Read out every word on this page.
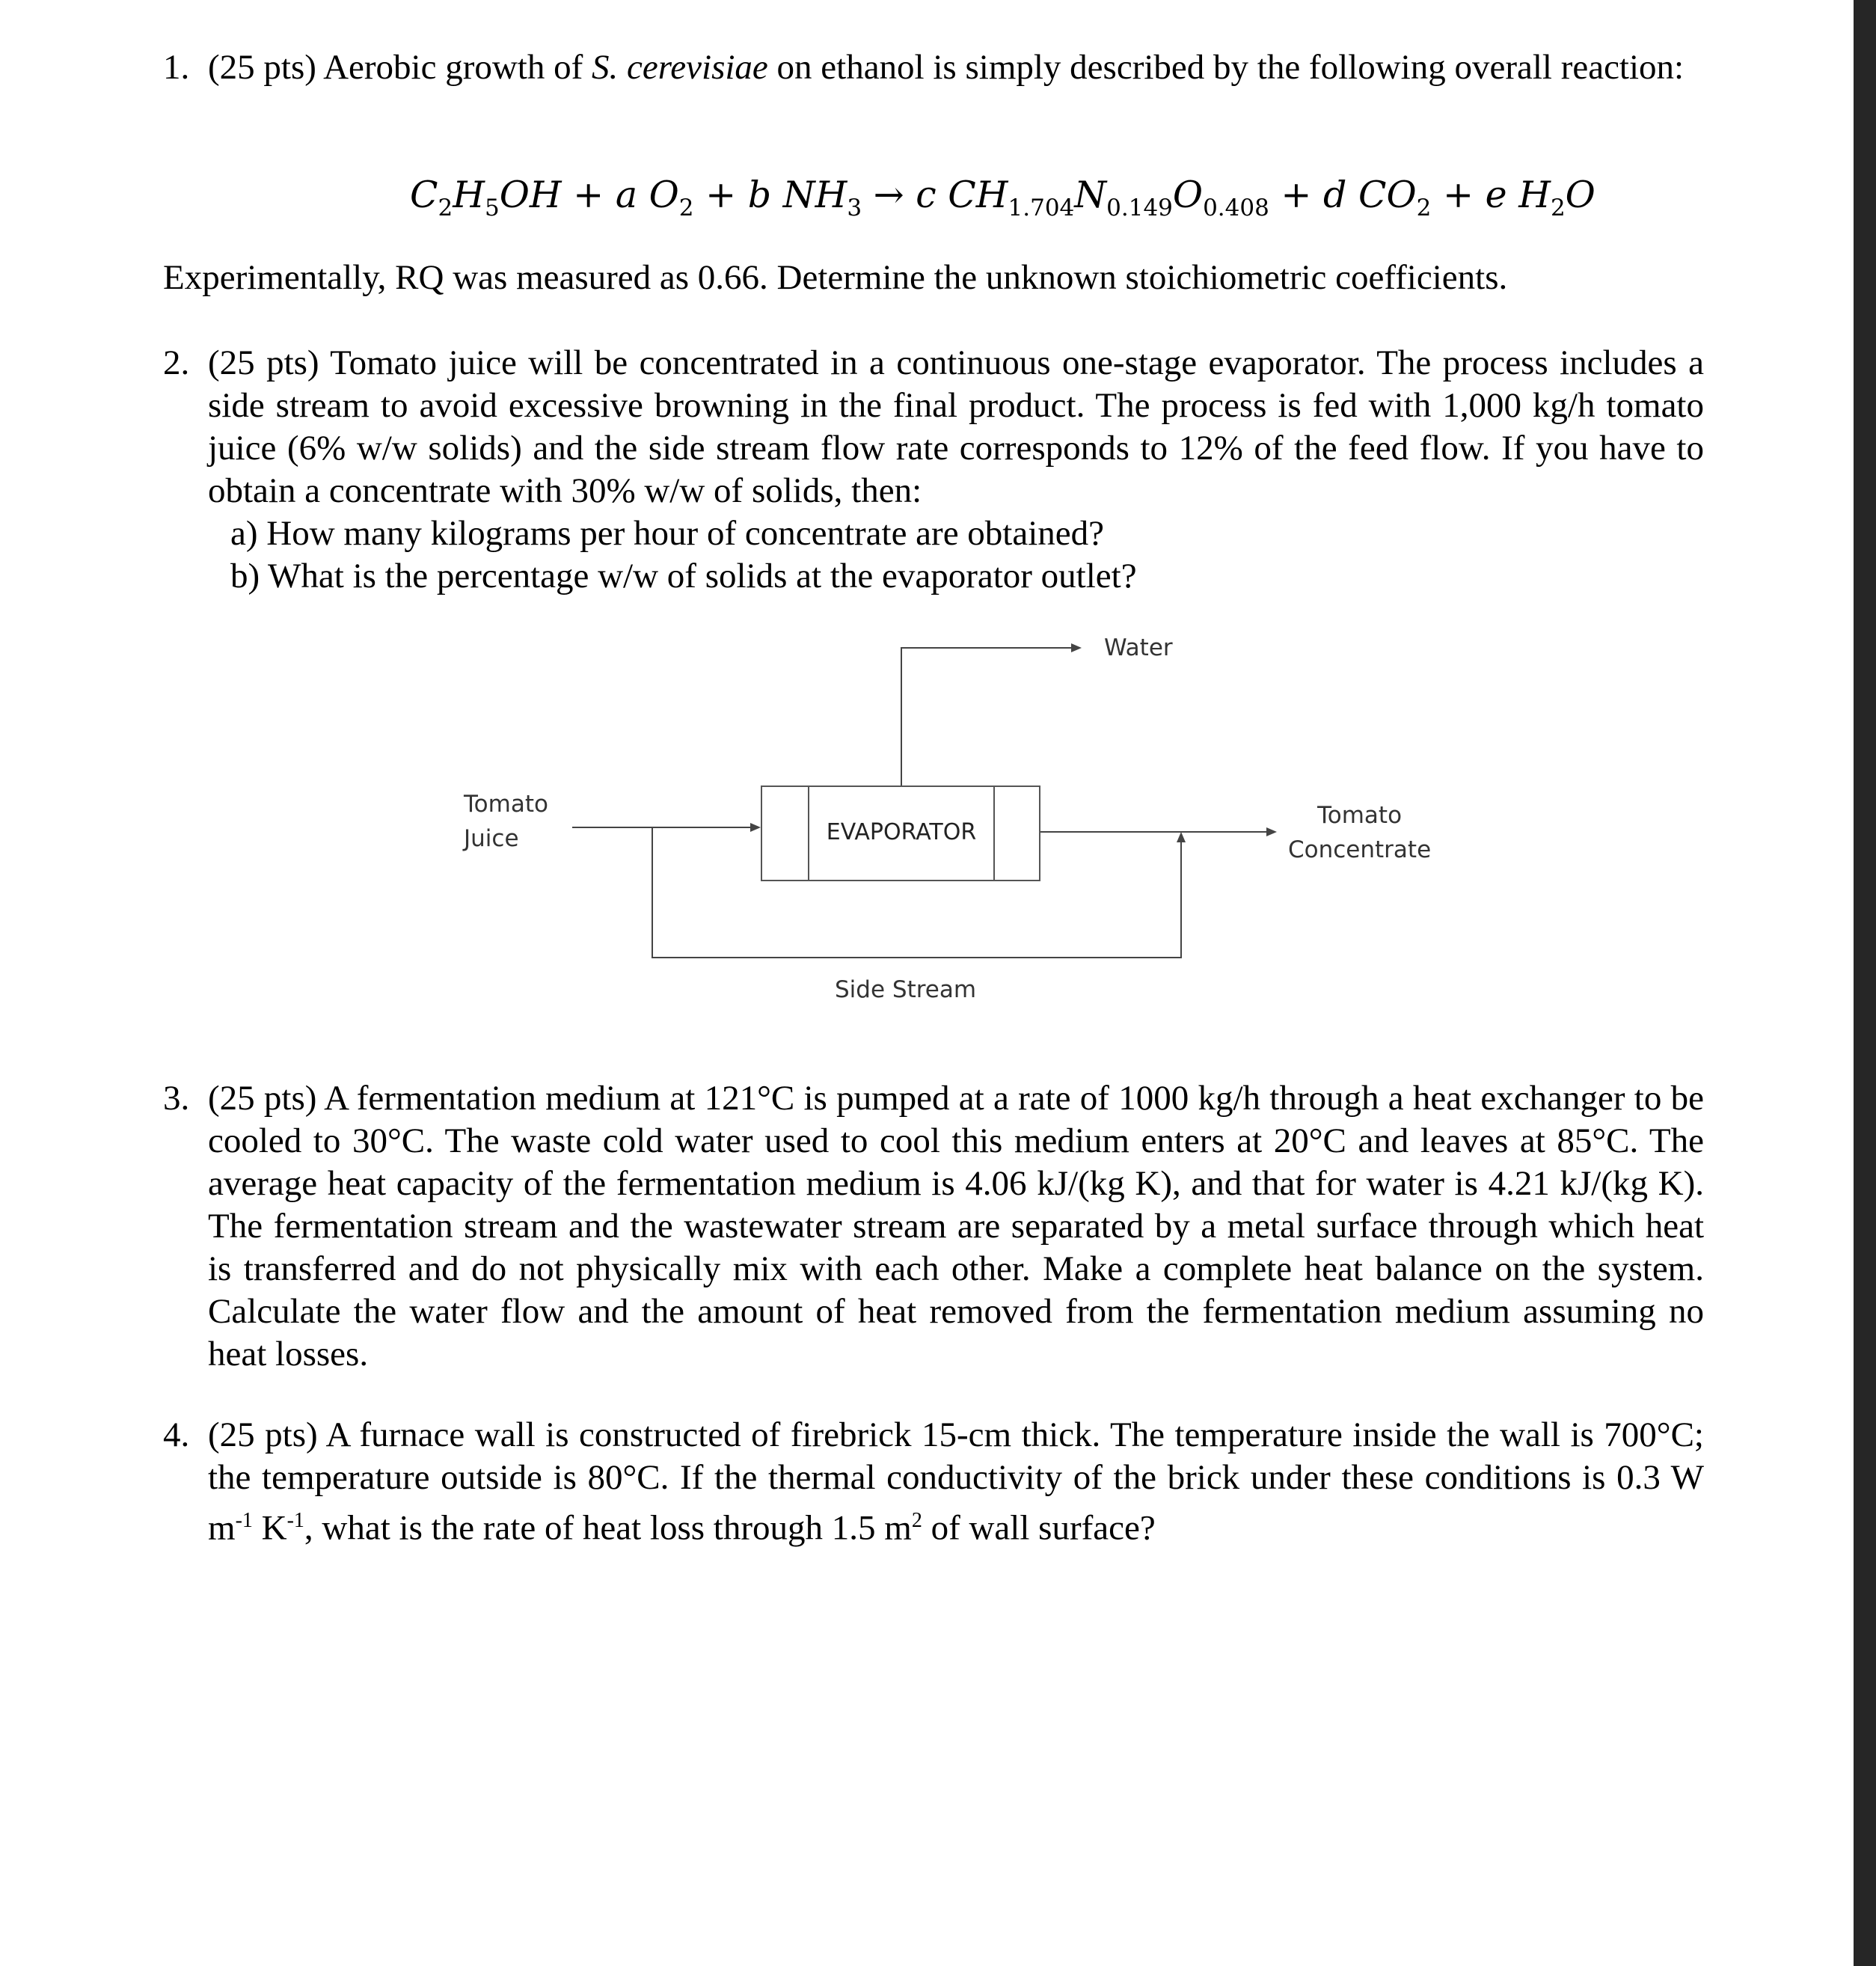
1. (25 pts) Aerobic growth of S. cerevisiae on ethanol is simply described by the following overall reaction:
$C_2H_5OH + a$ $O_2 + b$ $NH_3 \to c$ $CH_{1.704}N_{0.149}O_{0.408} + d$ $CO_2 + e$ $H_2O$
Experimentally, RQ was measured as 0.66. Determine the unknown stoichiometric coefficients.
2. (25 pts) Tomato juice will be concentrated in a continuous one-stage evaporator. The process includes a side stream to avoid excessive browning in the final product. The process is fed with 1,000 kg/h tomato juice (6% w/w solids) and the side stream flow rate corresponds to 12% of the feed flow. If you have to obtain a concentrate with 30% w/w of solids, then:
a) How many kilograms per hour of concentrate are obtained?
b) What is the percentage w/w of solids at the evaporator outlet?
Water
Tomato
Juice	EVAPORATOR
Tomato
Concentrate
Side Stream
3. (25 pts) A fermentation medium at 121°C is pumped at a rate of 1000 kg/h through a heat exchanger to be cooled to 30°C. The waste cold water used to cool this medium enters at 20°C and leaves at 85°C. The average heat capacity of the fermentation medium is 4.06 kJ/(kg K), and that for water is 4.21 kJ/(kg K). The fermentation stream and the wastewater stream are separated by a metal surface through which heat is transferred and do not physically mix with each other. Make a complete heat balance on the system. Calculate the water flow and the amount of heat removed from the fermentation medium assuming no heat losses.
4. (25 pts) A furnace wall is constructed of firebrick 15-cm thick. The temperature inside the wall is 700°C; the temperature outside is 80°C. If the thermal conductivity of the brick under these conditions is 0.3 W $m^{-1}$ $K^{-1}$, what is the rate of heat loss through 1.5 $m^2$ of wall surface?
